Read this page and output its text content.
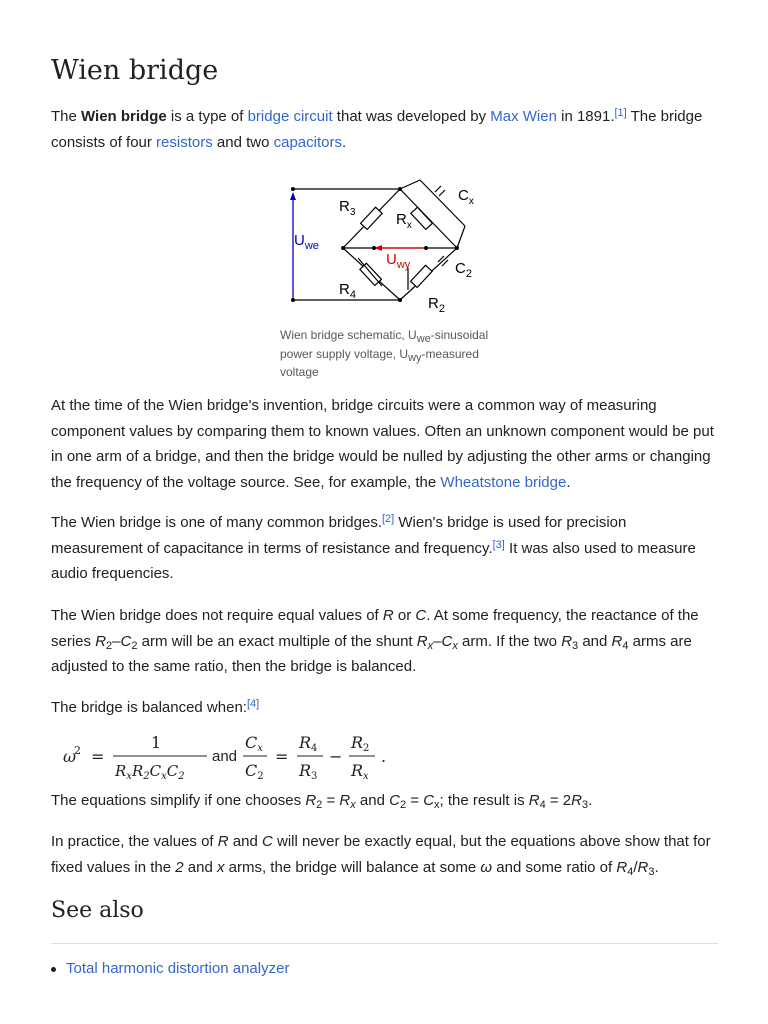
Wien bridge

The Wien bridge is a type of bridge circuit that was developed by Max Wien in 1891.[1] The bridge consists of four resistors and two capacitors.

$C_x$
$R_3$	$R_x$
$U_{we}$
$U_{wy}$	$C_2$
$R_4$	$R_2$
Wien bridge schematic, $U_{we}$-sinusoidal power supply voltage, $U_{wy}$-measured voltage

At the time of the Wien bridge's invention, bridge circuits were a common way of measuring component values by comparing them to known values. Often an unknown component would be put in one arm of a bridge, and then the bridge would be nulled by adjusting the other arms or changing the frequency of the voltage source. See, for example, the Wheatstone bridge.

The Wien bridge is one of many common bridges.[2] Wien's bridge is used for precision measurement of capacitance in terms of resistance and frequency.[3] It was also used to measure audio frequencies.

The Wien bridge does not require equal values of R or C. At some frequency, the reactance of the series $R_2-C_2$ arm will be an exact multiple of the shunt $R_x-C_x$ arm. If the two $R_3$ and $R_4$ arms are adjusted to the same ratio, then the bridge is balanced.

The bridge is balanced when:[4]

ω
2 =
1
$R_xR_2C_xC_2$
and
Cx
C2
=
R4
R3
−
R2
Rx
.

The equations simplify if one chooses $R_2 = R_x$ and $C_2 = C_x$; the result is $R_4 = 2R_3$.

In practice, the values of R and C will never be exactly equal, but the equations above show that for fixed values in the 2 and x arms, the bridge will balance at some ω and some ratio of $R_4/R_3$.

See also
Total harmonic distortion analyzer
